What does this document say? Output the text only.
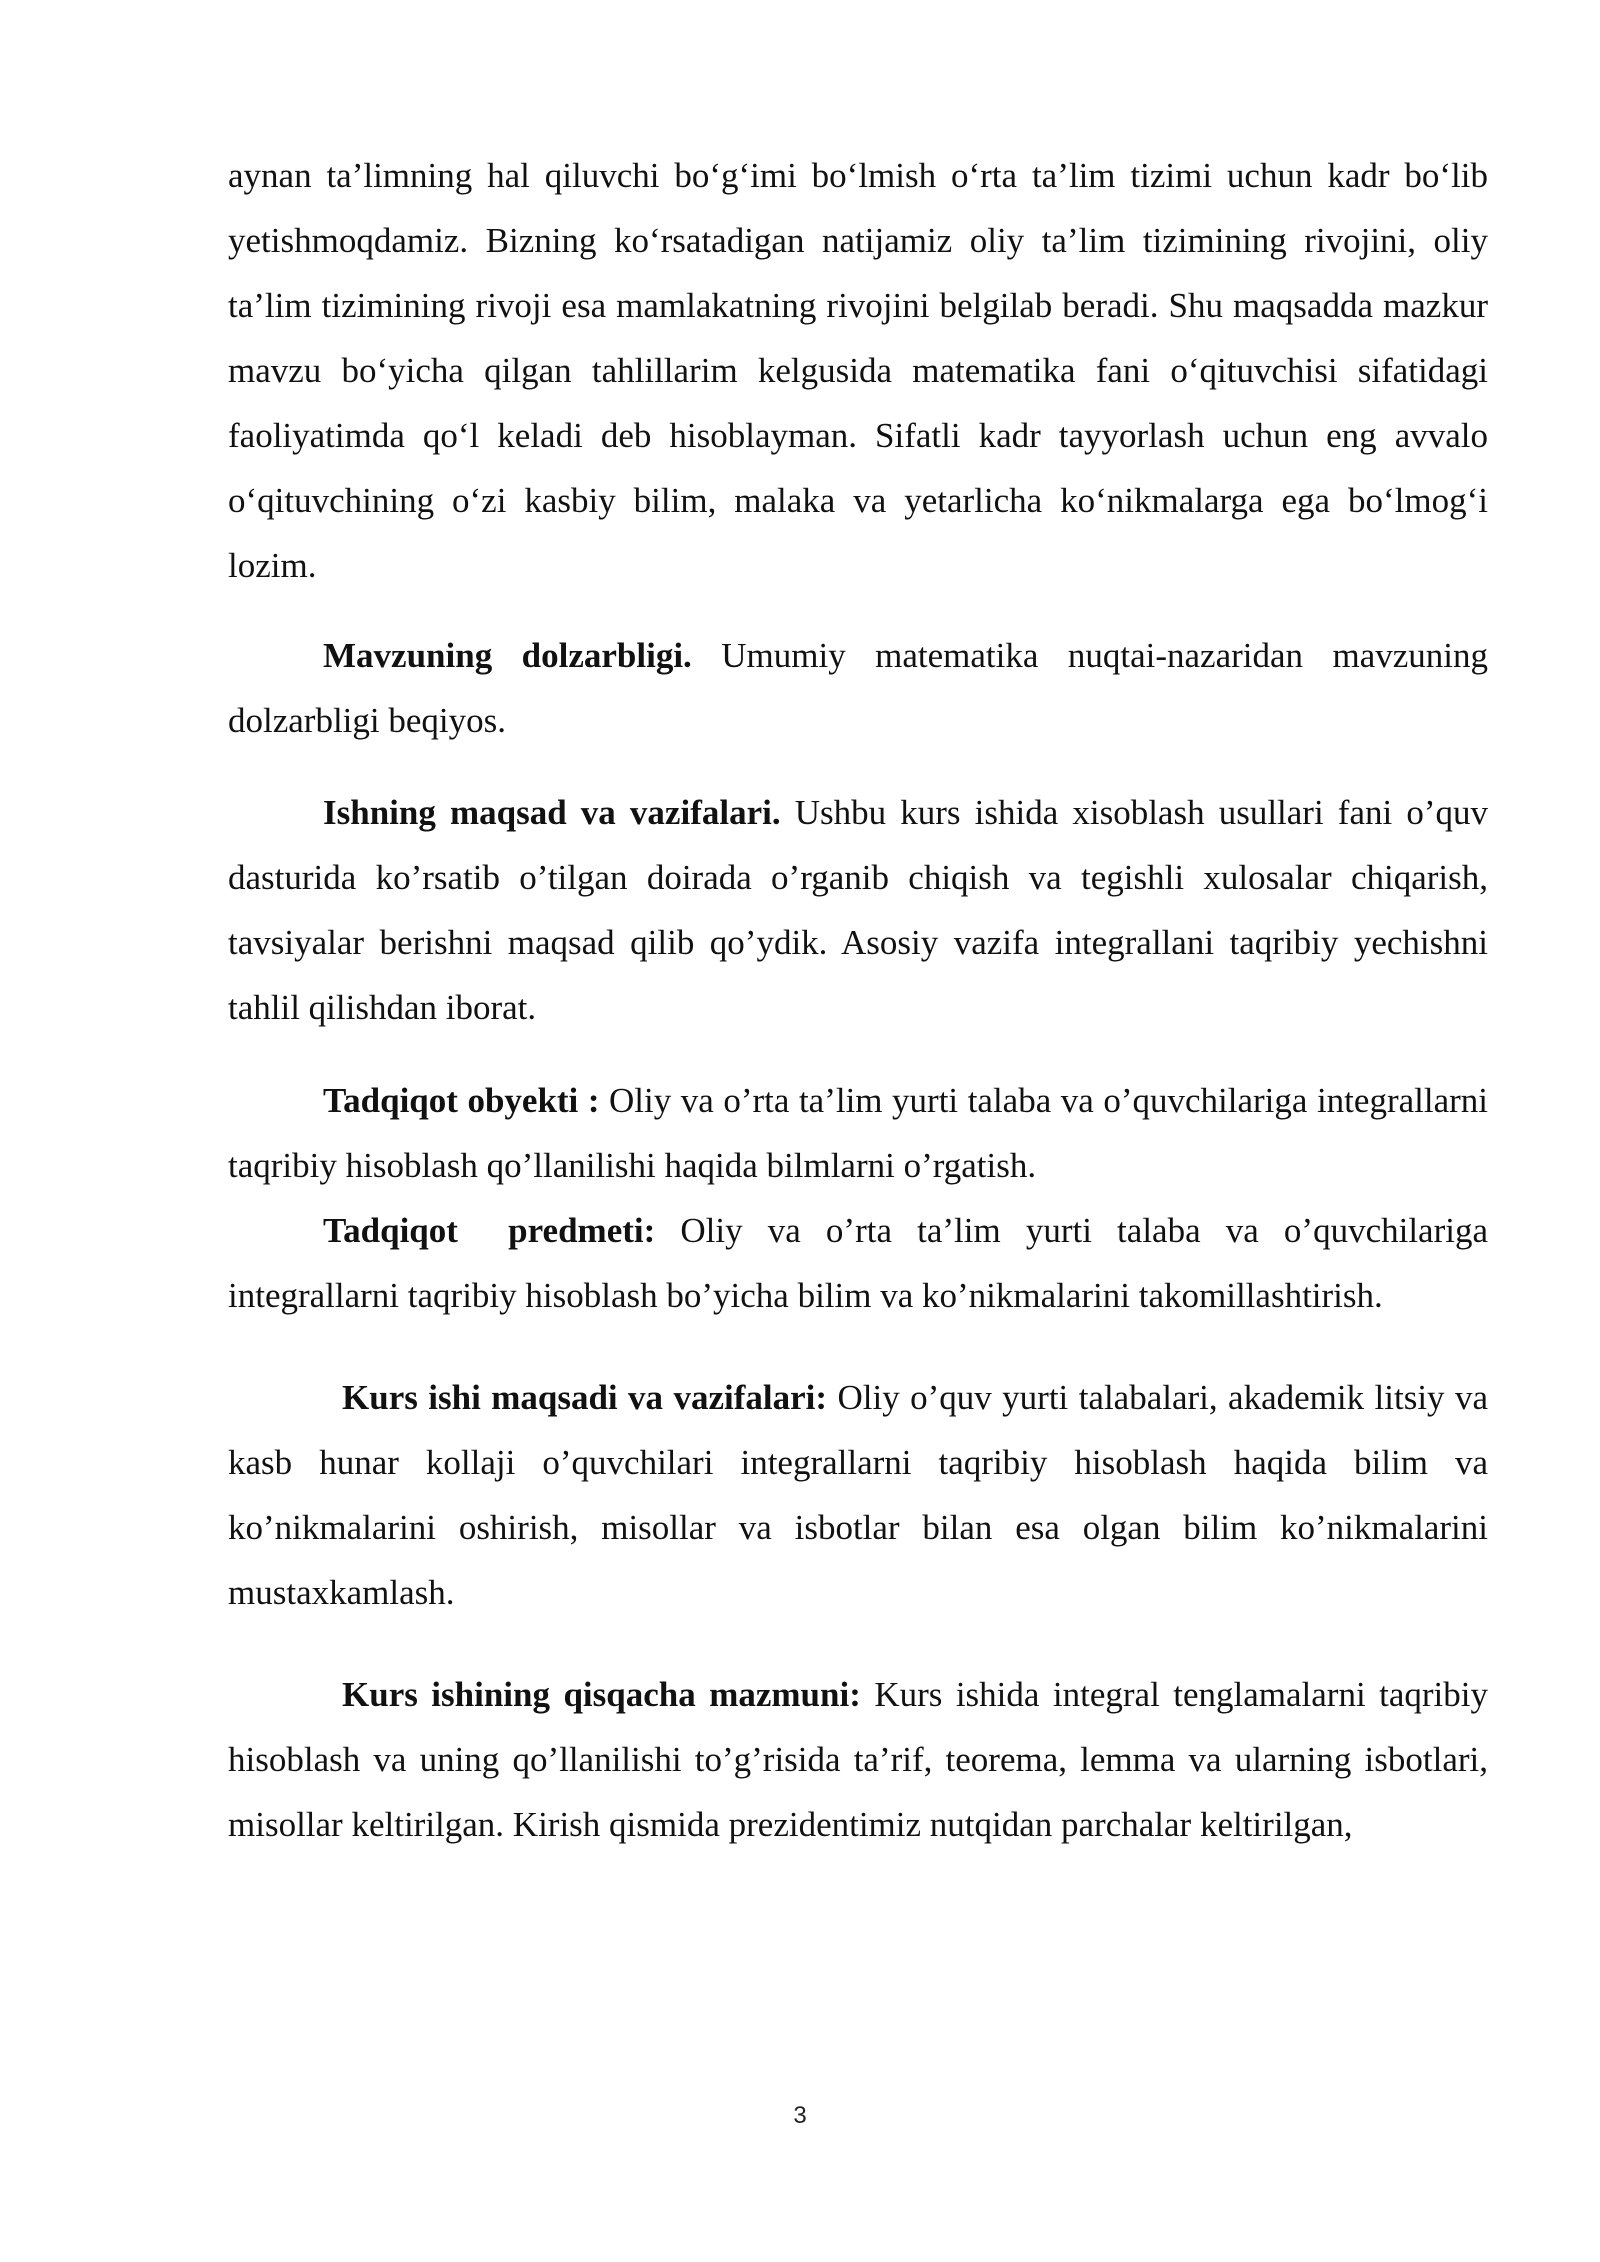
aynan ta’limning hal qiluvchi bo‘g‘imi bo‘lmish o‘rta ta’lim tizimi uchun kadr bo‘lib yetishmoqdamiz. Bizning ko‘rsatadigan natijamiz oliy ta’lim tizimining rivojini, oliy ta’lim tizimining rivoji esa mamlakatning rivojini belgilab beradi. Shu maqsadda mazkur mavzu bo‘yicha qilgan tahlillarim kelgusida matematika fani o‘qituvchisi sifatidagi faoliyatimda qo‘l keladi deb hisoblayman. Sifatli kadr tayyorlash uchun eng avvalo o‘qituvchining o‘zi kasbiy bilim, malaka va yetarlicha ko‘nikmalarga ega bo‘lmog‘i lozim.

Mavzuning dolzarbligi. Umumiy matematika nuqtai-nazaridan mavzuning dolzarbligi beqiyos.

Ishning maqsad va vazifalari. Ushbu kurs ishida xisoblash usullari fani o’quv dasturida ko’rsatib o’tilgan doirada o’rganib chiqish va tegishli xulosalar chiqarish, tavsiyalar berishni maqsad qilib qo’ydik. Asosiy vazifa integrallani taqribiy yechishni tahlil qilishdan iborat.

Tadqiqot obyekti : Oliy va o’rta ta’lim yurti talaba va o’quvchilariga integrallarni taqribiy hisoblash qo’llanilishi haqida bilmlarni o’rgatish.

Tadqiqot  predmeti: Oliy va o’rta ta’lim yurti talaba va o’quvchilariga integrallarni taqribiy hisoblash bo’yicha bilim va ko’nikmalarini takomillashtirish.

Kurs ishi maqsadi va vazifalari: Oliy o’quv yurti talabalari, akademik litsiy va kasb hunar kollaji o’quvchilari integrallarni taqribiy hisoblash haqida bilim va ko’nikmalarini oshirish, misollar va isbotlar bilan esa olgan bilim ko’nikmalarini mustaxkamlash.

Kurs ishining qisqacha mazmuni: Kurs ishida integral tenglamalarni taqribiy hisoblash va uning qo’llanilishi to’g’risida ta’rif, teorema, lemma va ularning isbotlari, misollar keltirilgan. Kirish qismida prezidentimiz nutqidan parchalar keltirilgan,

3
